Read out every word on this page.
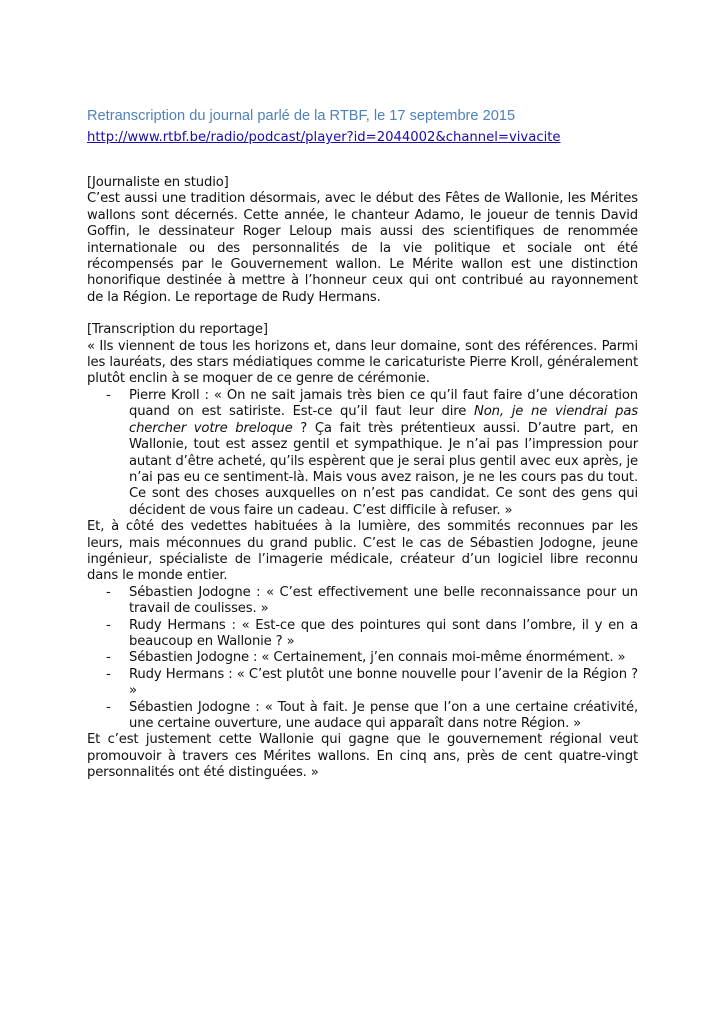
Retranscription du journal parlé de la RTBF, le 17 septembre 2015
http://www.rtbf.be/radio/podcast/player?id=2044002&channel=vivacite

[Journaliste en studio]

C’est aussi une tradition désormais, avec le début des Fêtes de Wallonie, les Mérites wallons sont décernés. Cette année, le chanteur Adamo, le joueur de tennis David Goffin, le dessinateur Roger Leloup mais aussi des scientifiques de renommée internationale ou des personnalités de la vie politique et sociale ont été récompensés par le Gouvernement wallon. Le Mérite wallon est une distinction honorifique destinée à mettre à l’honneur ceux qui ont contribué au rayonnement de la Région. Le reportage de Rudy Hermans.

[Transcription du reportage]

« Ils viennent de tous les horizons et, dans leur domaine, sont des références. Parmi les lauréats, des stars médiatiques comme le caricaturiste Pierre Kroll, généralement plutôt enclin à se moquer de ce genre de cérémonie.

- Pierre Kroll : « On ne sait jamais très bien ce qu’il faut faire d’une décoration quand on est satiriste. Est-ce qu’il faut leur dire Non, je ne viendrai pas chercher votre breloque ? Ça fait très prétentieux aussi. D’autre part, en Wallonie, tout est assez gentil et sympathique. Je n’ai pas l’impression pour autant d’être acheté, qu’ils espèrent que je serai plus gentil avec eux après, je n’ai pas eu ce sentiment-là. Mais vous avez raison, je ne les cours pas du tout. Ce sont des choses auxquelles on n’est pas candidat. Ce sont des gens qui décident de vous faire un cadeau. C’est difficile à refuser. »

Et, à côté des vedettes habituées à la lumière, des sommités reconnues par les leurs, mais méconnues du grand public. C’est le cas de Sébastien Jodogne, jeune ingénieur, spécialiste de l’imagerie médicale, créateur d’un logiciel libre reconnu dans le monde entier.

- Sébastien Jodogne : « C’est effectivement une belle reconnaissance pour un travail de coulisses. »
- Rudy Hermans : « Est-ce que des pointures qui sont dans l’ombre, il y en a beaucoup en Wallonie ? »
- Sébastien Jodogne : « Certainement, j’en connais moi-même énormément. »
- Rudy Hermans : « C’est plutôt une bonne nouvelle pour l’avenir de la Région ? »
- Sébastien Jodogne : « Tout à fait. Je pense que l’on a une certaine créativité, une certaine ouverture, une audace qui apparaît dans notre Région. »

Et c’est justement cette Wallonie qui gagne que le gouvernement régional veut promouvoir à travers ces Mérites wallons. En cinq ans, près de cent quatre-vingt personnalités ont été distinguées. »
